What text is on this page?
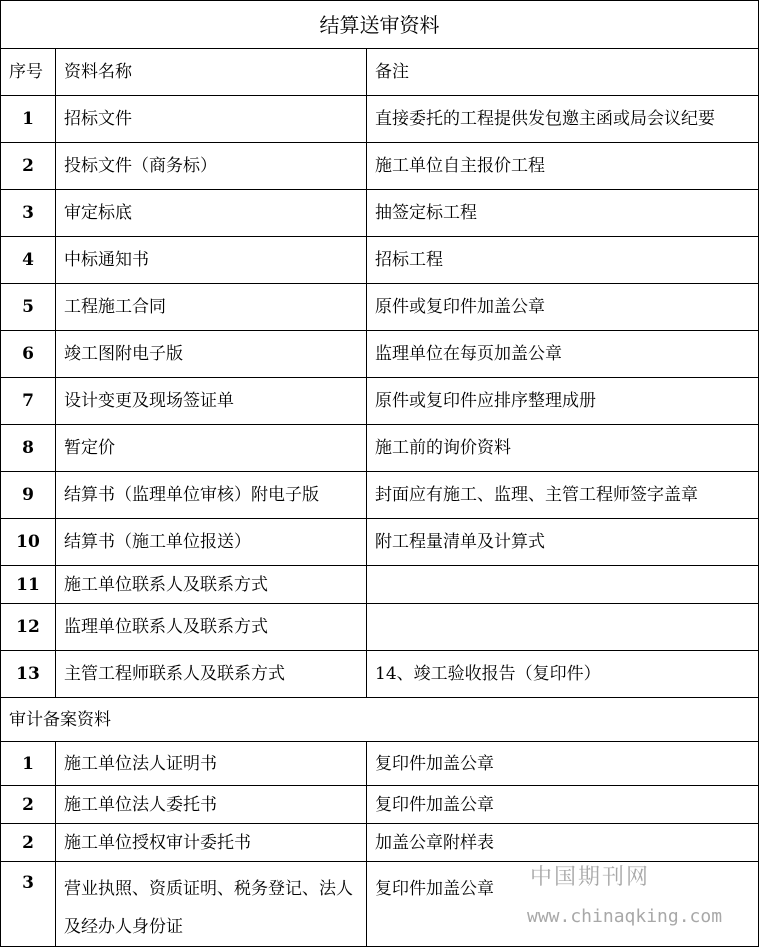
结算送审资料		
序号	资料名称	备注
1	招标文件	直接委托的工程提供发包邀主函或局会议纪要
2	投标文件（商务标）	施工单位自主报价工程
3	审定标底	抽签定标工程
4	中标通知书	招标工程
5	工程施工合同	原件或复印件加盖公章
6	竣工图附电子版	监理单位在每页加盖公章
7	设计变更及现场签证单	原件或复印件应排序整理成册
8	暂定价	施工前的询价资料
9	结算书（监理单位审核）附电子版	封面应有施工、监理、主管工程师签字盖章
10	结算书（施工单位报送）	附工程量清单及计算式
11	施工单位联系人及联系方式	
12	监理单位联系人及联系方式	
13	主管工程师联系人及联系方式	14、竣工验收报告（复印件）
审计备案资料		
1	施工单位法人证明书	复印件加盖公章
2	施工单位法人委托书	复印件加盖公章
2	施工单位授权审计委托书	加盖公章附样表
3	营业执照、资质证明、税务登记、法人及经办人身份证	复印件加盖公章 中国期刊网
www.chinaqking.com
